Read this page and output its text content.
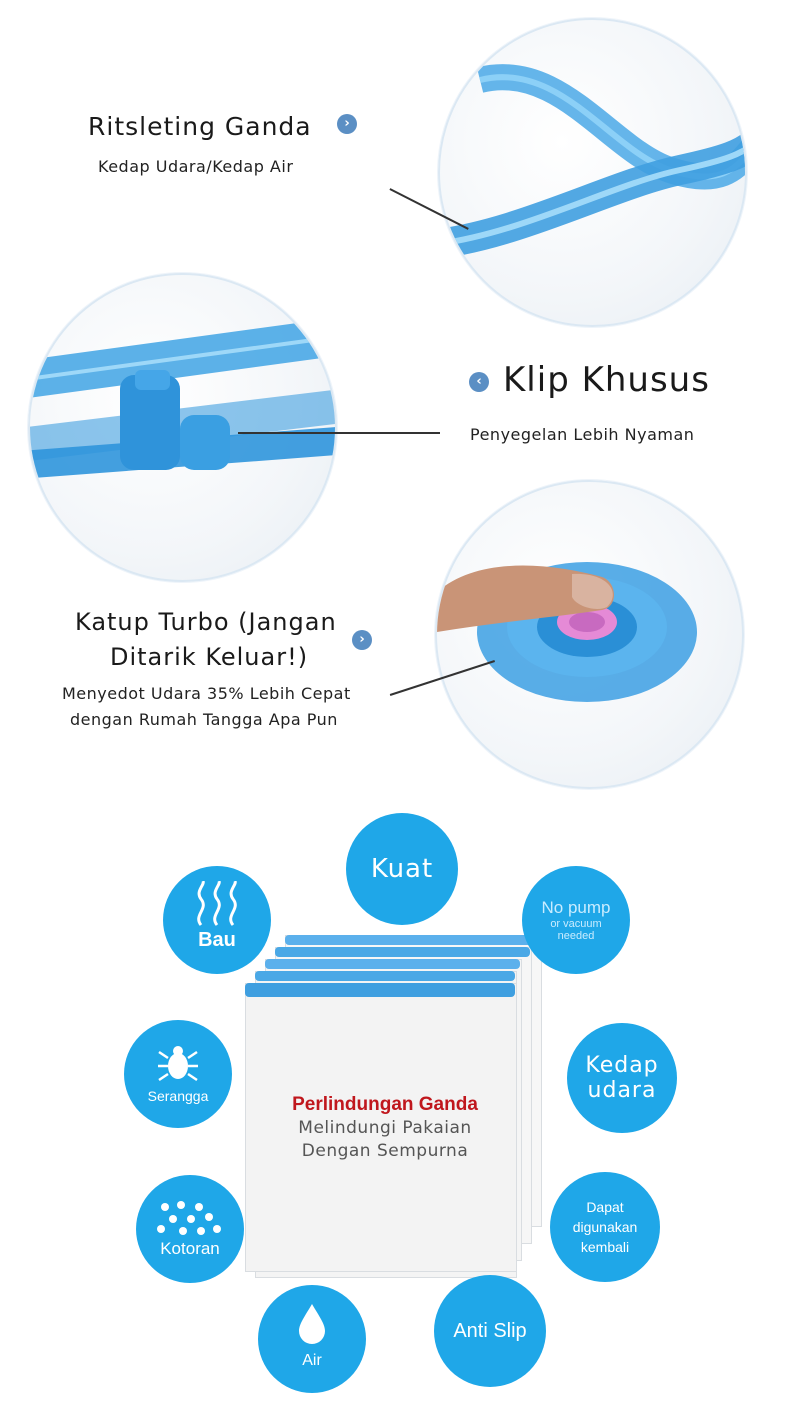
Ritsleting Ganda	›
Kedap Udara/Kedap Air
‹ Klip Khusus
Penyegelan Lebih Nyaman
Katup Turbo (Jangan
Ditarik Keluar!)
›
Menyedot Udara 35% Lebih Cepat
dengan Rumah Tangga Apa Pun
Perlindungan Ganda
Melindungi Pakaian
Dengan Sempurna
Kuat
Bau
No pump
or vacuum
needed
Serangga
Kedap
udara
Kotoran
Dapat
digunakan
kembali
Air
Anti Slip
